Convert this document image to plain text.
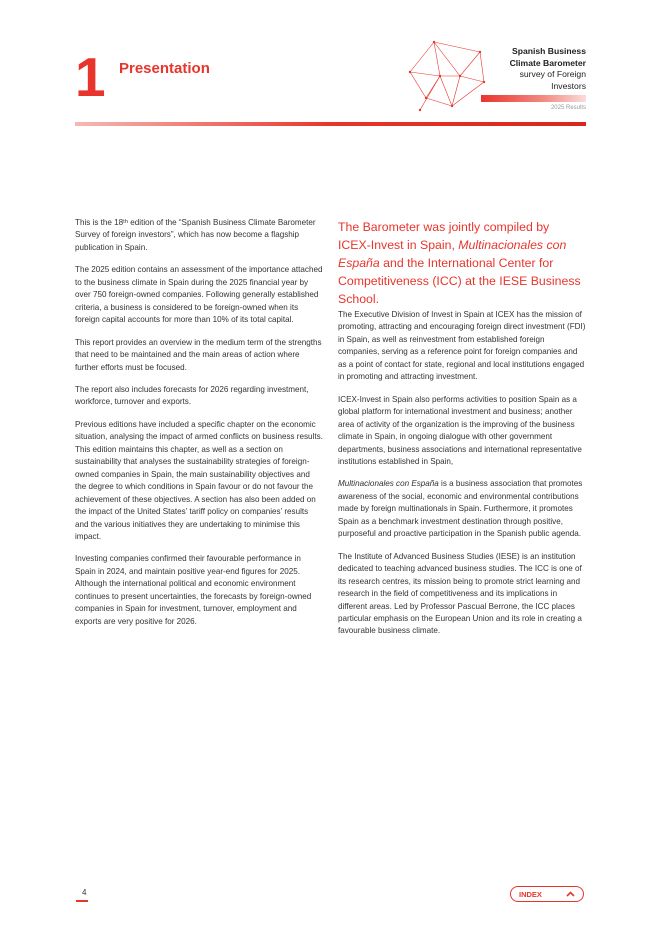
1 Presentation
Spanish Business
Climate Barometer
survey of Foreign
Investors
2025 Results

This is the 18ᵗʰ edition of the “Spanish Business Climate Barometer Survey of foreign investors”, which has now become a flagship publication in Spain.

The 2025 edition contains an assessment of the importance attached to the business climate in Spain during the 2025 financial year by over 750 foreign-owned companies. Following generally established criteria, a business is considered to be foreign-owned when its foreign capital accounts for more than 10% of its total capital.

This report provides an overview in the medium term of the strengths that need to be maintained and the main areas of action where further efforts must be focused.

The report also includes forecasts for 2026 regarding investment, workforce, turnover and exports.

Previous editions have included a specific chapter on the economic situation, analysing the impact of armed conflicts on business results. This edition maintains this chapter, as well as a section on sustainability that analyses the sustainability strategies of foreign-owned companies in Spain, the main sustainability objectives and the degree to which conditions in Spain favour or do not favour the achievement of these objectives. A section has also been added on the impact of the United States’ tariff policy on companies’ results and the various initiatives they are undertaking to minimise this impact.

Investing companies confirmed their favourable performance in Spain in 2024, and maintain positive year-end figures for 2025. Although the international political and economic environment continues to present uncertainties, the forecasts by foreign-owned companies in Spain for investment, turnover, employment and exports are very positive for 2026.

The Barometer was jointly compiled by ICEX-Invest in Spain, Multinacionales con España and the International Center for Competitiveness (ICC) at the IESE Business School.

The Executive Division of Invest in Spain at ICEX has the mission of promoting, attracting and encouraging foreign direct investment (FDI) in Spain, as well as reinvestment from established foreign companies, serving as a reference point for foreign companies and as a point of contact for state, regional and local institutions engaged in promoting and attracting investment.

ICEX-Invest in Spain also performs activities to position Spain as a global platform for international investment and business; another area of activity of the organization is the improving of the business climate in Spain, in ongoing dialogue with other government departments, business associations and international representative institutions established in Spain,

Multinacionales con España is a business association that promotes awareness of the social, economic and environmental contributions made by foreign multinationals in Spain. Furthermore, it promotes Spain as a benchmark investment destination through positive, purposeful and proactive participation in the Spanish public agenda.

The Institute of Advanced Business Studies (IESE) is an institution dedicated to teaching advanced business studies. The ICC is one of its research centres, its mission being to promote strict learning and research in the field of competitiveness and its implications in different areas. Led by Professor Pascual Berrone, the ICC places particular emphasis on the European Union and its role in creating a favourable business climate.

4	INDEX
